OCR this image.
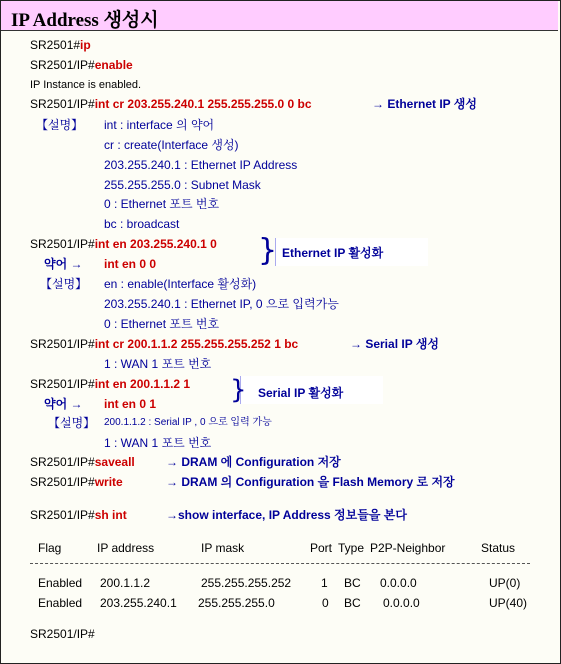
IP Address 생성시
SR2501#ip
SR2501/IP#enable
IP Instance is enabled.
SR2501/IP#int cr 203.255.240.1 255.255.255.0 0 bc	→ Ethernet IP 생성
【설명】 int : interface 의 약어
cr : create(Interface 생성)
203.255.240.1 : Ethernet IP Address
255.255.255.0 : Subnet Mask
0 : Ethernet 포트 번호
bc : broadcast
SR2501/IP#int en 203.255.240.1 0
약어 → int en 0 0	} Ethernet IP 활성화
【설명】 en : enable(Interface 활성화)
203.255.240.1 : Ethernet IP, 0 으로 입력가능
0 : Ethernet 포트 번호
SR2501/IP#int cr 200.1.1.2 255.255.255.252 1 bc	→ Serial IP 생성
1 : WAN 1 포트 번호
SR2501/IP#int en 200.1.1.2 1 } Serial IP 활성화
약어 → int en 0 1
【설명】 200.1.1.2 : Serial IP , 0 으로 입력 가능
1 : WAN 1 포트 번호
SR2501/IP#saveall	→ DRAM 에 Configuration 저장
SR2501/IP#write	→ DRAM 의 Configuration 을 Flash Memory 로 저장
SR2501/IP#sh int	→show interface, IP Address 정보들을 본다
Flag	IP address	IP mask	Port Type P2P-Neighbor	Status
Enabled 200.1.1.2	255.255.255.252 1 BC 0.0.0.0	UP(0)
Enabled 203.255.240.1 255.255.255.0	0 BC 0.0.0.0	UP(40)
SR2501/IP#
